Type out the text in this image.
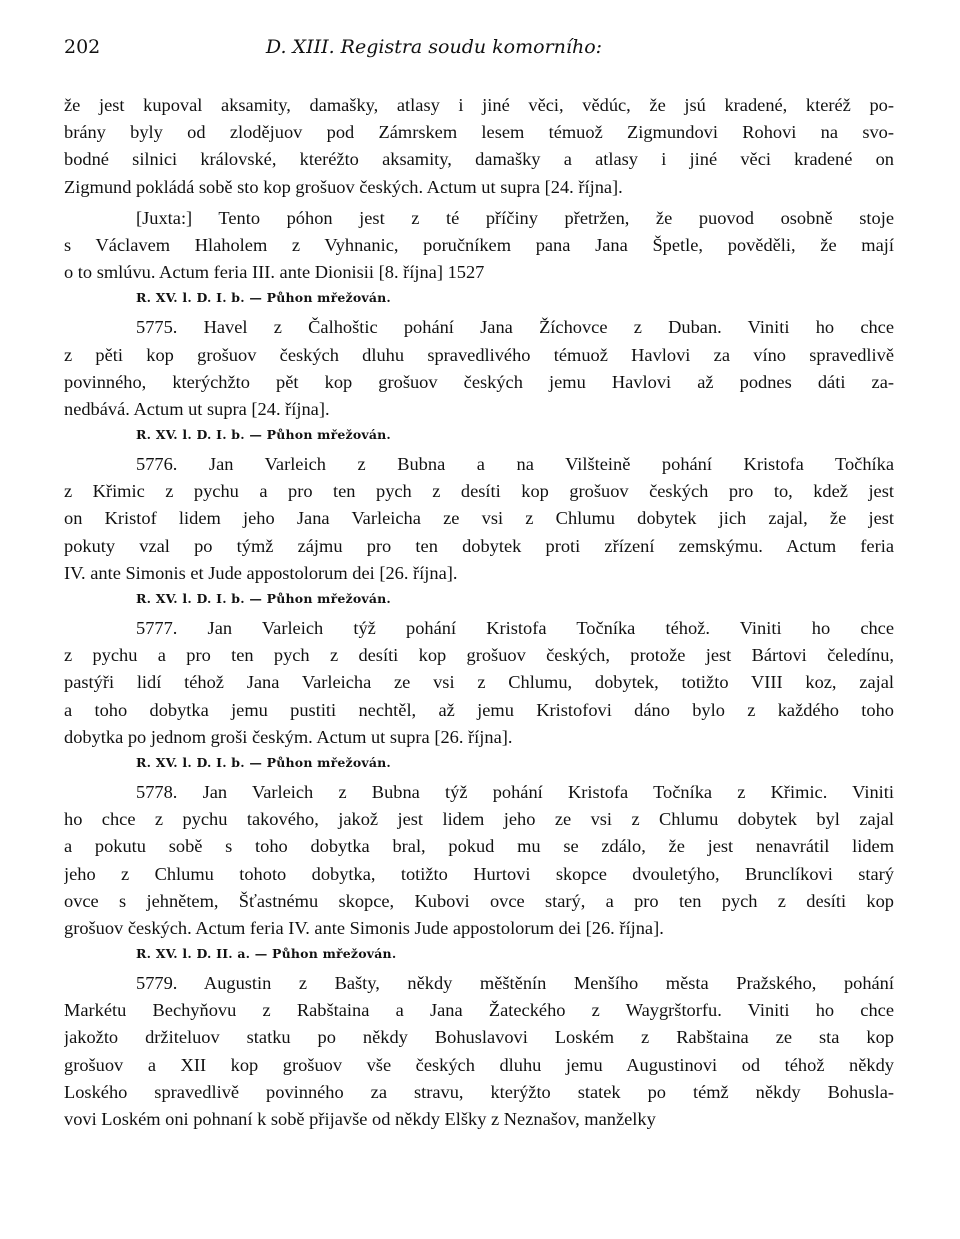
202	D. XIII. Registra soudu komorního:
že jest kupoval aksamity, damašky, atlasy i jiné věci, vědúc, že jsú kradené, kteréž po-
brány byly od zlodějuov pod Zámrskem lesem témuož Zigmundovi Rohovi na svo-
bodné silnici královské, kteréžto aksamity, damašky a atlasy i jiné věci kradené on
Zigmund pokládá sobě sto kop grošuov českých. Actum ut supra [24. října].
[Juxta:] Tento póhon jest z té příčiny přetržen, že puovod osobně stoje
s Václavem Hlaholem z Vyhnanic, poručníkem pana Jana Špetle, pověděli, že mají
o to smlúvu. Actum feria III. ante Dionisii [8. října] 1527
R. XV. l. D. I. b. — Půhon mřežován.
5775. Havel z Čalhoštic pohání Jana Žíchovce z Duban. Viniti ho chce
z pěti kop grošuov českých dluhu spravedlivého témuož Havlovi za víno spravedlivě
povinného, kterýchžto pět kop grošuov českých jemu Havlovi až podnes dáti za-
nedbává. Actum ut supra [24. října].
R. XV. l. D. I. b. — Půhon mřežován.
5776. Jan Varleich z Bubna a na Vilšteině pohání Kristofa Točhíka
z Křimic z pychu a pro ten pych z desíti kop grošuov českých pro to, kdež jest
on Kristof lidem jeho Jana Varleicha ze vsi z Chlumu dobytek jich zajal, že jest
pokuty vzal po týmž zájmu pro ten dobytek proti zřízení zemskýmu. Actum feria
IV. ante Simonis et Jude appostolorum dei [26. října].
R. XV. l. D. I. b. — Půhon mřežován.
5777. Jan Varleich týž pohání Kristofa Točníka téhož. Viniti ho chce
z pychu a pro ten pych z desíti kop grošuov českých, protože jest Bártovi čeledínu,
pastýři lidí téhož Jana Varleicha ze vsi z Chlumu, dobytek, totižto VIII koz, zajal
a toho dobytka jemu pustiti nechtěl, až jemu Kristofovi dáno bylo z každého toho
dobytka po jednom groši českým. Actum ut supra [26. října].
R. XV. l. D. I. b. — Půhon mřežován.
5778. Jan Varleich z Bubna týž pohání Kristofa Točníka z Křimic. Viniti
ho chce z pychu takového, jakož jest lidem jeho ze vsi z Chlumu dobytek byl zajal
a pokutu sobě s toho dobytka bral, pokud mu se zdálo, že jest nenavrátil lidem
jeho z Chlumu tohoto dobytka, totižto Hurtovi skopce dvouletýho, Brunclíkovi starý
ovce s jehnětem, Šťastnému skopce, Kubovi ovce starý, a pro ten pych z desíti kop
grošuov českých. Actum feria IV. ante Simonis Jude appostolorum dei [26. října].
R. XV. l. D. II. a. — Půhon mřežován.
5779. Augustin z Bašty, někdy měštěnín Menšího města Pražského, pohání
Markétu Bechyňovu z Rabštaina a Jana Žateckého z Waygrštorfu. Viniti ho chce
jakožto držiteluov statku po někdy Bohuslavovi Loském z Rabštaina ze sta kop
grošuov a XII kop grošuov vše českých dluhu jemu Augustinovi od téhož někdy
Loského spravedlivě povinného za stravu, kterýžto statek po témž někdy Bohusla-
vovi Loském oni pohnaní k sobě přijavše od někdy Elšky z Neznašov, manželky
